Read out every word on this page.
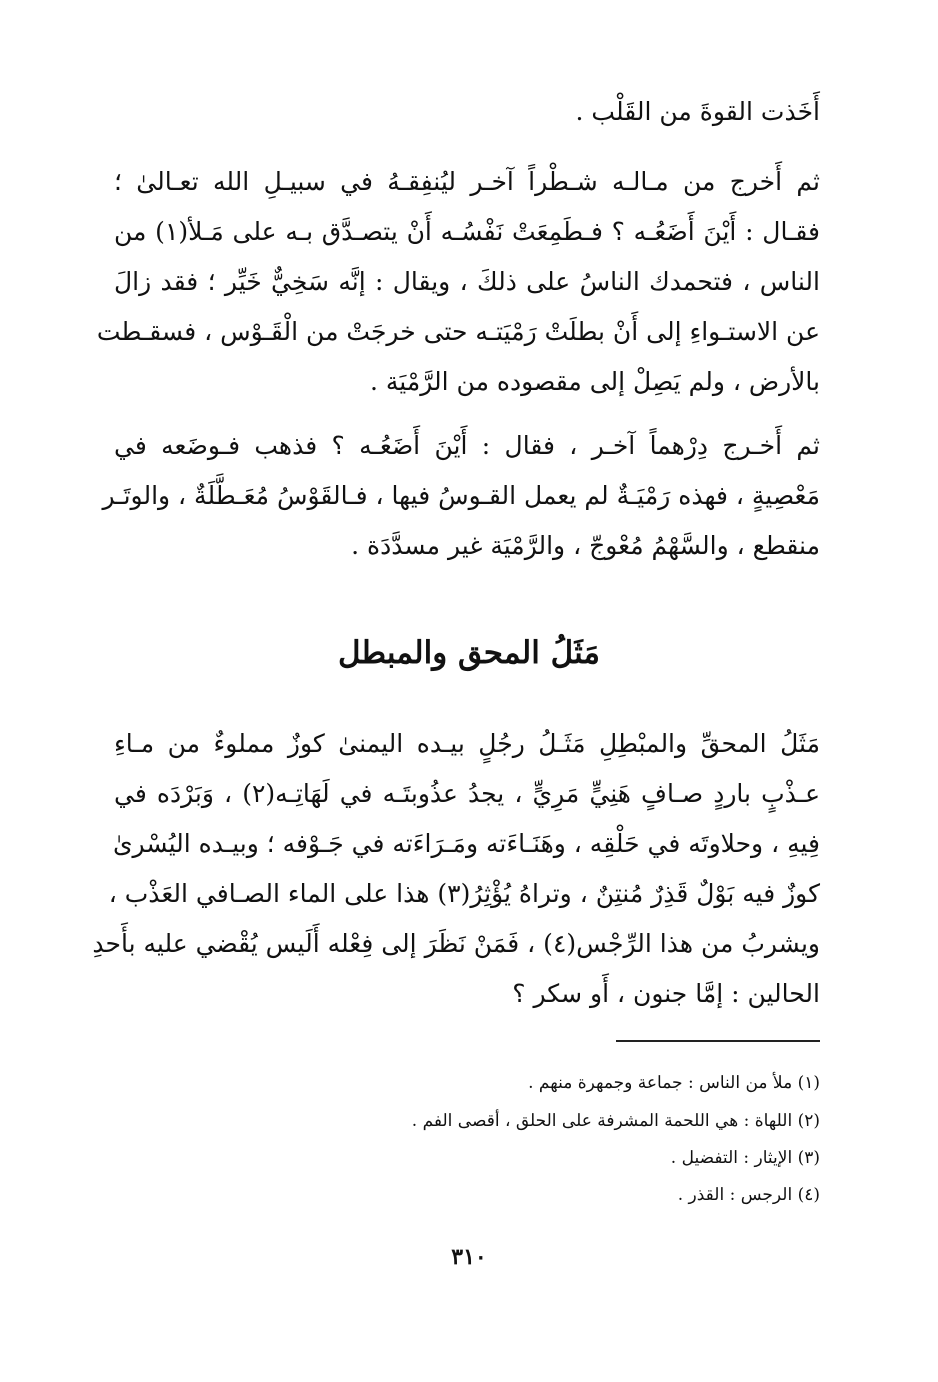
أَخَذت القوةَ من القَلْب .

ثم أَخرج من مـالـه شـطْراً آخـر ليُنفِقـهُ في سبيـلِ الله تعـالىٰ ؛

فقـال : أَيْنَ أَضَعُـه ؟ فـطَمِعَتْ نَفْسُـه أَنْ يتصـدَّق بـه على مَـلأ(١) من

الناس ، فتحمدك الناسُ على ذلكَ ، ويقال : إنَّه سَخِيٌّ خَيِّر ؛ فقد زالَ

عن الاستـواءِ إلى أَنْ بطلَتْ رَمْيَتـه حتى خرجَتْ من الْقَـوْس ، فسقـطت

بالأرض ، ولم يَصِلْ إلى مقصوده من الرَّمْيَة .

ثم أَخـرج دِرْهماً آخـر ، فقال : أَيْنَ أَضَعُـه ؟ فذهب فـوضَعه في

مَعْصِيةٍ ، فهذه رَمْيَـةٌ لم يعمل القـوسُ فيها ، فـالقَوْسُ مُعَـطَّلَةٌ ، والوتَـر

منقطع ، والسَّهْمُ مُعْوجّ ، والرَّمْيَة غير مسدَّدَة .

مَثَلُ المحق والمبطل

مَثَلُ المحقِّ والمبْطِلِ مَثَـلُ رجُلٍ بيـده اليمنىٰ كوزٌ مملوءٌ من مـاءِ

عـذْبٍ باردٍ صـافٍ هَنِيٍّ مَرِيٍّ ، يجدُ عذُوبتَـه في لَهَاتِـه(٢) ، وَبَرْدَه في

فِيهِ ، وحلاوتَه في حَلْقِه ، وهَنَـاءَته ومَـرَاءَته في جَـوْفه ؛ وبيـده اليُسْرىٰ

كوزٌ فيه بَوْلٌ قَذِرٌ مُنتِنٌ ، وتراهُ يُؤْثِرُ(٣) هذا على الماء الصـافي العَذْب ،

ويشربُ من هذا الرِّجْس(٤) ، فَمَنْ نَظَرَ إلى فِعْله أَلَيس يُقْضي عليه بأَحدِ

الحالين : إمَّا جنون ، أَو سكر ؟

(١) ملأ من الناس : جماعة وجمهرة منهم .

(٢) اللهاة : هي اللحمة المشرفة على الحلق ، أقصى الفم .

(٣) الإيثار : التفضيل .

(٤) الرجس : القذر .

٣١٠
